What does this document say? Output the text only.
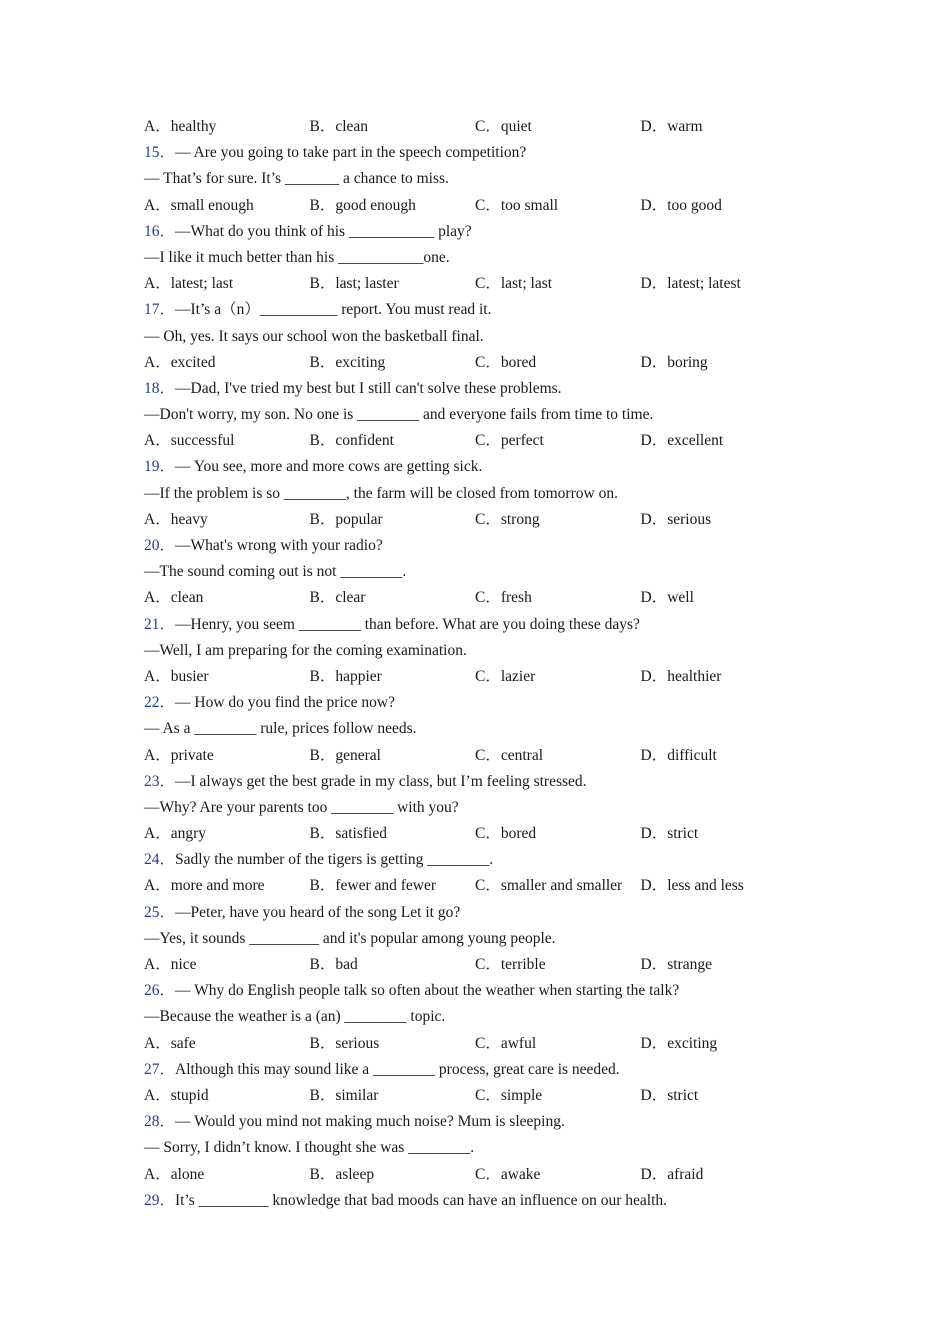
A．healthy	B．clean	C．quiet	D．warm
15．— Are you going to take part in the speech competition?
— That’s for sure. It’s _______ a chance to miss.
A．small enough	B．good enough	C．too small	D．too good
16．—What do you think of his ___________ play?
—I like it much better than his ___________one.
A．latest; last	B．last; laster	C．last; last	D．latest; latest
17．—It’s a（n）__________ report. You must read it.
— Oh, yes. It says our school won the basketball final.
A．excited	B．exciting	C．bored	D．boring
18．—Dad, I've tried my best but I still can't solve these problems.
—Don't worry, my son. No one is ________ and everyone fails from time to time.
A．successful	B．confident	C．perfect	D．excellent
19．— You see, more and more cows are getting sick.
—If the problem is so ________, the farm will be closed from tomorrow on.
A．heavy	B．popular	C．strong	D．serious
20．—What's wrong with your radio?
—The sound coming out is not ________.
A．clean	B．clear	C．fresh	D．well
21．—Henry, you seem ________ than before. What are you doing these days?
—Well, I am preparing for the coming examination.
A．busier	B．happier	C．lazier	D．healthier
22．— How do you find the price now?
— As a ________ rule, prices follow needs.
A．private	B．general	C．central	D．difficult
23．—I always get the best grade in my class, but I’m feeling stressed.
—Why? Are your parents too ________ with you?
A．angry	B．satisfied	C．bored	D．strict
24．Sadly the number of the tigers is getting ________.
A．more and more	B．fewer and fewer	C．smaller and smaller	D．less and less
25．—Peter, have you heard of the song Let it go?
—Yes, it sounds _________ and it's popular among young people.
A．nice	B．bad	C．terrible	D．strange
26．— Why do English people talk so often about the weather when starting the talk?
—Because the weather is a (an) ________ topic.
A．safe	B．serious	C．awful	D．exciting
27．Although this may sound like a ________ process, great care is needed.
A．stupid	B．similar	C．simple	D．strict
28．— Would you mind not making much noise? Mum is sleeping.
— Sorry, I didn’t know. I thought she was ________.
A．alone	B．asleep	C．awake	D．afraid
29．It’s _________ knowledge that bad moods can have an influence on our health.
